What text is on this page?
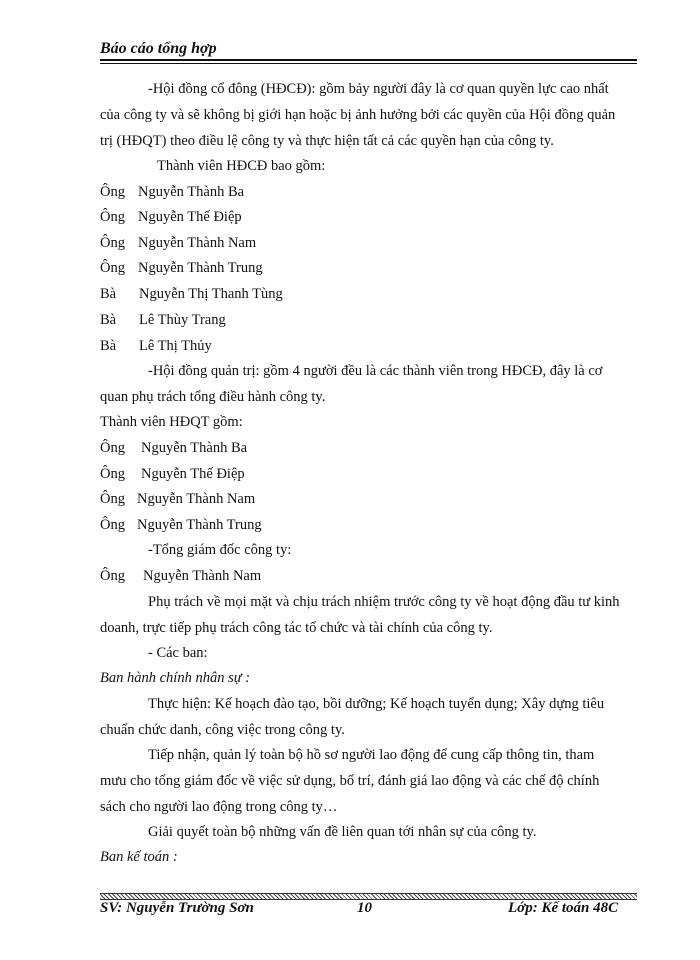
Báo cáo tổng hợp
-Hội đồng cổ đông (HĐCĐ): gồm bảy người đây là cơ quan quyền lực cao nhất
của công ty và sẽ không bị giới hạn hoặc bị ảnh hưởng bởi các quyền của Hội đồng quản
trị (HĐQT) theo điều lệ công ty và thực hiện tất cả các quyền hạn của công ty.
Thành viên HĐCĐ bao gồm:
Ông Nguyễn Thành Ba
Ông Nguyễn Thế Điệp
Ông Nguyễn Thành Nam
Ông Nguyễn Thành Trung
Bà Nguyễn Thị Thanh Tùng
Bà Lê Thùy Trang
Bà Lê Thị Thủy
-Hội đồng quản trị: gồm 4 người đều là các thành viên trong HĐCĐ, đây là cơ
quan phụ trách tổng điều hành công ty.
Thành viên HĐQT gồm:
Ông Nguyễn Thành Ba
Ông Nguyễn Thế Điệp
Ông Nguyễn Thành Nam
Ông Nguyễn Thành Trung
-Tổng giám đốc công ty:
Ông Nguyễn Thành Nam
Phụ trách về mọi mặt và chịu trách nhiệm trước công ty về hoạt động đầu tư kinh
doanh, trực tiếp phụ trách công tác tổ chức và tài chính của công ty.
- Các ban:
Ban hành chính nhân sự :
Thực hiện: Kế hoạch đào tạo, bồi dưỡng; Kế hoạch tuyển dụng; Xây dựng tiêu
chuẩn chức danh, công việc trong công ty.
Tiếp nhận, quản lý toàn bộ hồ sơ người lao động để cung cấp thông tin, tham
mưu cho tổng giám đốc về việc sử dụng, bố trí, đánh giá lao động và các chế độ chính
sách cho người lao động trong công ty…
Giải quyết toàn bộ những vấn đề liên quan tới nhân sự của công ty.
Ban kế toán :
SV: Nguyễn Trường Sơn	10	Lớp: Kế toán 48C
